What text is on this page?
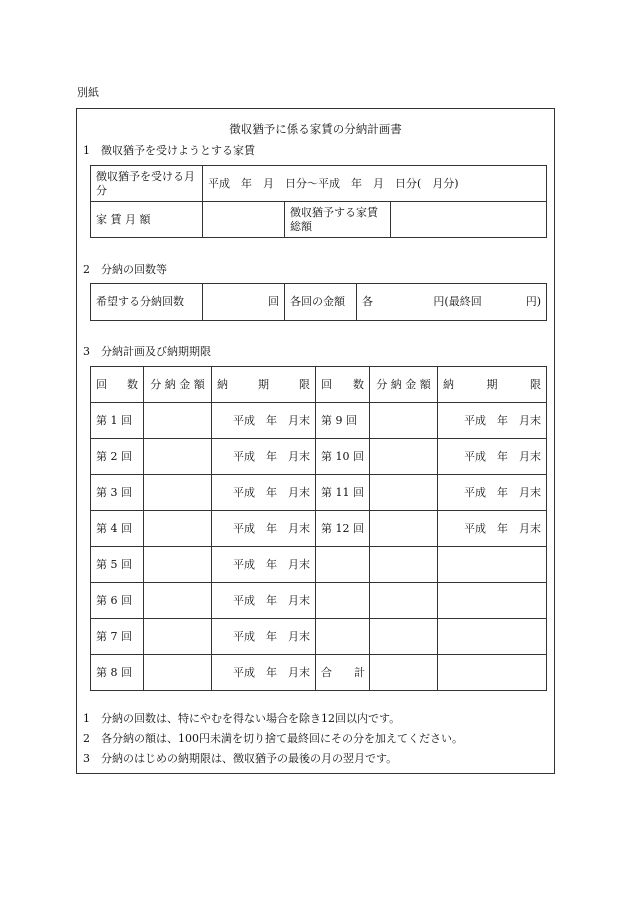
別紙
徴収猶予に係る家賃の分納計画書
1 徴収猶予を受けようとする家賃
徴収猶予を受ける月分	平成　年　月　日分〜平成　年　月　日分(　月分)		
家 賃 月 額		徴収猶予する家賃総額	
2 分納の回数等
希望する分納回数	回	各回の金額	各	円(最終回　　　　円)
3 分納計画及び納期期限
回 数	分 納 金 額	納 期 限	回 数	分 納 金 額	納 期 限

第 1 回		平成　年　月末	第 9 回		平成　年　月末
第 2 回		平成　年　月末	第 10 回		平成　年　月末
第 3 回		平成　年　月末	第 11 回		平成　年　月末
第 4 回		平成　年　月末	第 12 回		平成　年　月末
第 5 回		平成　年　月末			
第 6 回		平成　年　月末			
第 7 回		平成　年　月末			
第 8 回		平成　年　月末	合　　計		
1 分納の回数は、特にやむを得ない場合を除き12回以内です。
2 各分納の額は、100円未満を切り捨て最終回にその分を加えてください。
3 分納のはじめの納期限は、徴収猶予の最後の月の翌月です。
